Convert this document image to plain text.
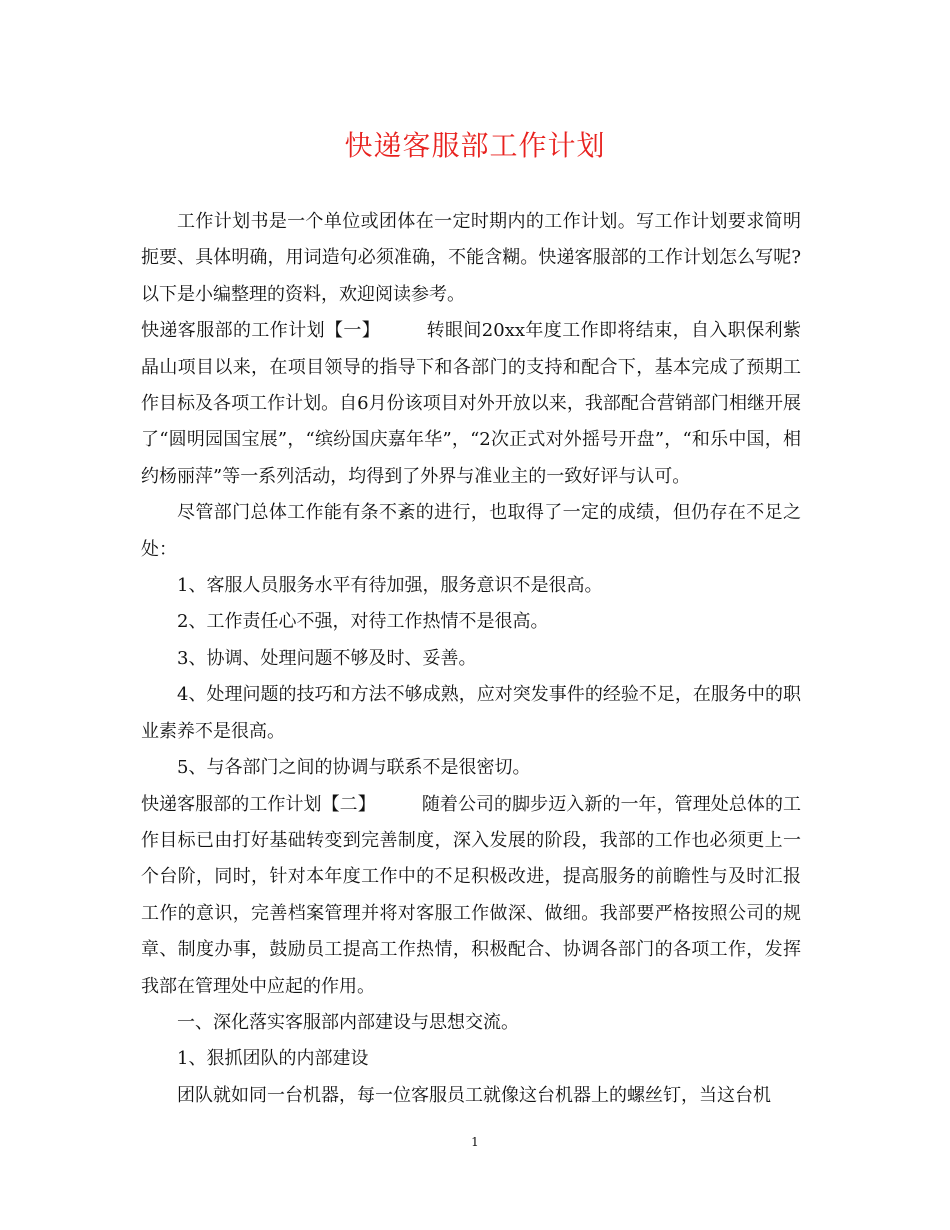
快递客服部工作计划

工作计划书是一个单位或团体在一定时期内的工作计划。写工作计划要求简明扼要、具体明确，用词造句必须准确，不能含糊。快递客服部的工作计划怎么写呢?以下是小编整理的资料，欢迎阅读参考。

快递客服部的工作计划【一】	转眼间20xx年度工作即将结束，自入职保利紫晶山项目以来，在项目领导的指导下和各部门的支持和配合下，基本完成了预期工作目标及各项工作计划。自6月份该项目对外开放以来，我部配合营销部门相继开展了“圆明园国宝展”，“缤纷国庆嘉年华”，“2次正式对外摇号开盘”，“和乐中国，相约杨丽萍”等一系列活动，均得到了外界与准业主的一致好评与认可。

尽管部门总体工作能有条不紊的进行，也取得了一定的成绩，但仍存在不足之处：

1、客服人员服务水平有待加强，服务意识不是很高。

2、工作责任心不强，对待工作热情不是很高。

3、协调、处理问题不够及时、妥善。

4、处理问题的技巧和方法不够成熟，应对突发事件的经验不足，在服务中的职业素养不是很高。

5、与各部门之间的协调与联系不是很密切。

快递客服部的工作计划【二】	随着公司的脚步迈入新的一年，管理处总体的工作目标已由打好基础转变到完善制度，深入发展的阶段，我部的工作也必须更上一个台阶，同时，针对本年度工作中的不足积极改进，提高服务的前瞻性与及时汇报工作的意识，完善档案管理并将对客服工作做深、做细。我部要严格按照公司的规章、制度办事，鼓励员工提高工作热情，积极配合、协调各部门的各项工作，发挥我部在管理处中应起的作用。

一、深化落实客服部内部建设与思想交流。

1、狠抓团队的内部建设

团队就如同一台机器，每一位客服员工就像这台机器上的螺丝钉，当这台机

1
